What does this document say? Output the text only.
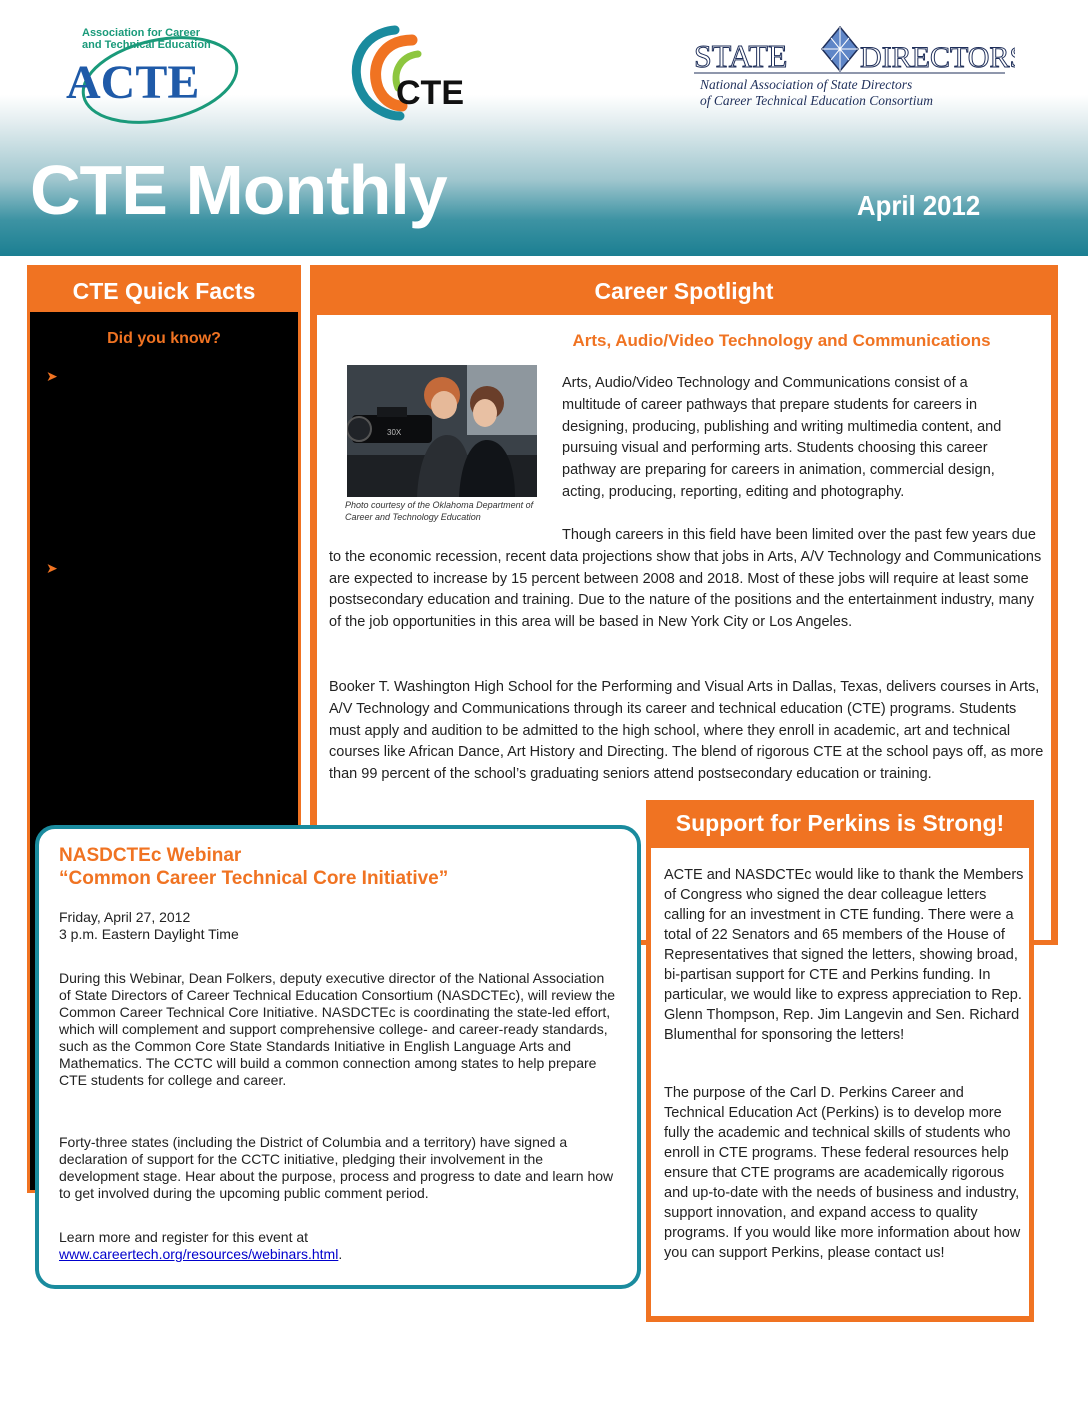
Association for Career
and Technical Education
ACTE	CTE
STATE DIRECTORS
National Association of State Directors
of Career Technical Education Consortium
CTE Monthly	April 2012
CTE Quick Facts
Did you know?
➤
➤
Career Spotlight
Arts, Audio/Video Technology and Communications
30X
Photo courtesy of the Oklahoma Department of Career and Technology Education

Arts, Audio/Video Technology and Communications consist of a multitude of career pathways that prepare students for careers in designing, producing, publishing and writing multimedia content, and pursuing visual and performing arts. Students choosing this career pathway are preparing for careers in animation, commercial design, acting, producing, reporting, editing and photography.

Though careers in this field have been limited over the past few years due to the economic recession, recent data projections show that jobs in Arts, A/V Technology and Communications are expected to increase by 15 percent between 2008 and 2018. Most of these jobs will require at least some postsecondary education and training. Due to the nature of the positions and the entertainment industry, many of the job opportunities in this area will be based in New York City or Los Angeles.

Booker T. Washington High School for the Performing and Visual Arts in Dallas, Texas, delivers courses in Arts, A/V Technology and Communications through its career and technical education (CTE) programs. Students must apply and audition to be admitted to the high school, where they enroll in academic, art and technical courses like African Dance, Art History and Directing. The blend of rigorous CTE at the school pays off, as more than 99 percent of the school’s graduating seniors attend postsecondary education or training.

Support for Perkins is Strong!

ACTE and NASDCTEc would like to thank the Members of Congress who signed the dear colleague letters calling for an investment in CTE funding. There were a total of 22 Senators and 65 members of the House of Representatives that signed the letters, showing broad, bi-partisan support for CTE and Perkins funding. In particular, we would like to express appreciation to Rep. Glenn Thompson, Rep. Jim Langevin and Sen. Richard Blumenthal for sponsoring the letters!

The purpose of the Carl D. Perkins Career and Technical Education Act (Perkins) is to develop more fully the academic and technical skills of students who enroll in CTE programs. These federal resources help ensure that CTE programs are academically rigorous and up-to-date with the needs of business and industry, support innovation, and expand access to quality programs. If you would like more information about how you can support Perkins, please contact us!

NASDCTEc Webinar
“Common Career Technical Core Initiative”

Friday, April 27, 2012

3 p.m. Eastern Daylight Time

During this Webinar, Dean Folkers, deputy executive director of the National Association of State Directors of Career Technical Education Consortium (NASDCTEc), will review the Common Career Technical Core Initiative. NASDCTEc is coordinating the state-led effort, which will complement and support comprehensive college- and career-ready standards, such as the Common Core State Standards Initiative in English Language Arts and Mathematics. The CCTC will build a common connection among states to help prepare CTE students for college and career.

Forty-three states (including the District of Columbia and a territory) have signed a declaration of support for the CCTC initiative, pledging their involvement in the development stage. Hear about the purpose, process and progress to date and learn how to get involved during the upcoming public comment period.

Learn more and register for this event at

www.careertech.org/resources/webinars.html.
